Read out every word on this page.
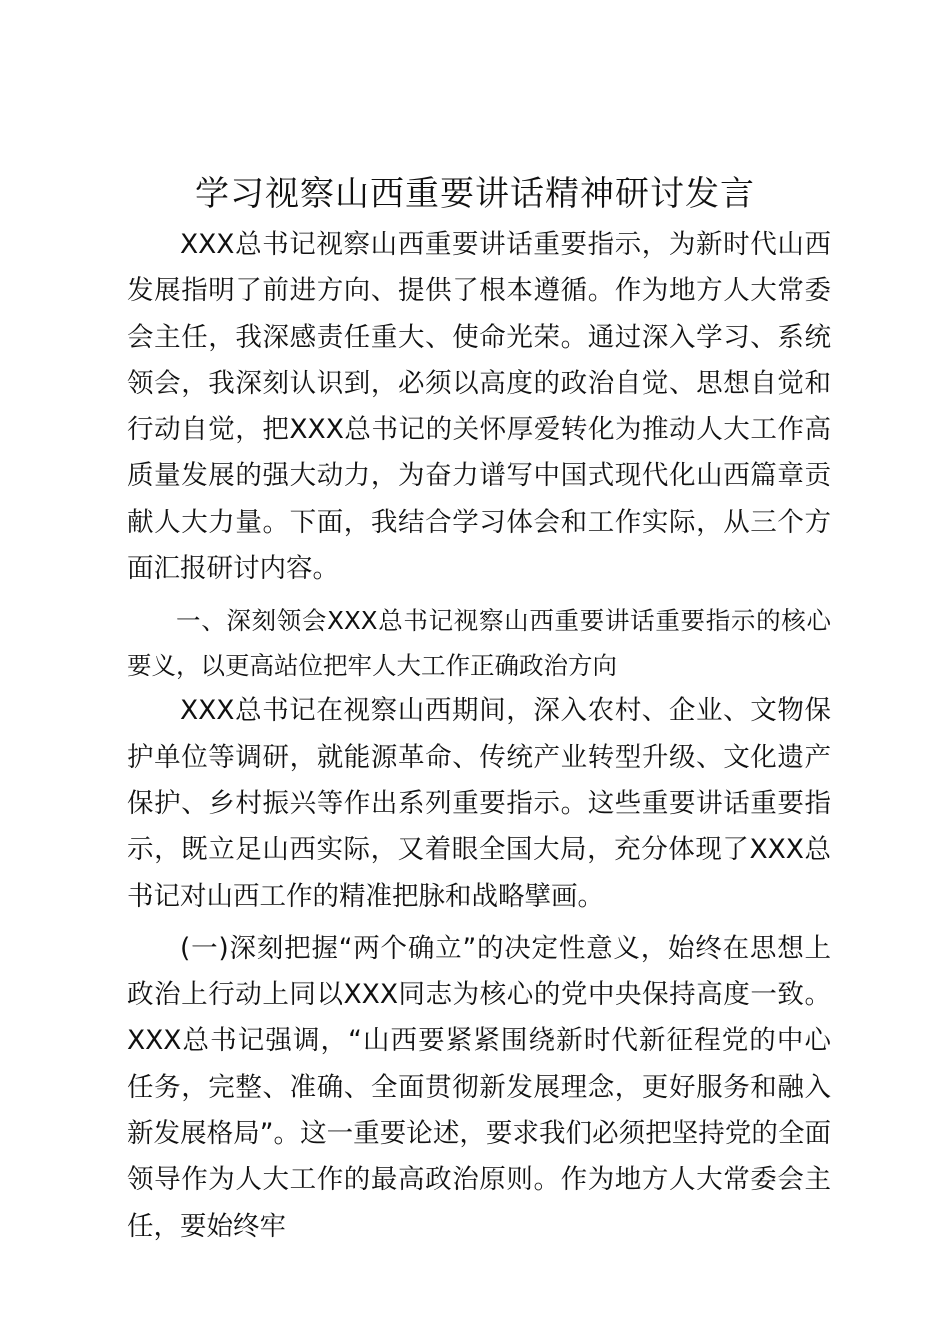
学习视察山西重要讲话精神研讨发言

XXX总书记视察山西重要讲话重要指示，为新时代山西发展指明了前进方向、提供了根本遵循。作为地方人大常委会主任，我深感责任重大、使命光荣。通过深入学习、系统领会，我深刻认识到，必须以高度的政治自觉、思想自觉和行动自觉，把XXX总书记的关怀厚爱转化为推动人大工作高质量发展的强大动力，为奋力谱写中国式现代化山西篇章贡献人大力量。下面，我结合学习体会和工作实际，从三个方面汇报研讨内容。

一、深刻领会XXX总书记视察山西重要讲话重要指示的核心要义，以更高站位把牢人大工作正确政治方向

XXX总书记在视察山西期间，深入农村、企业、文物保护单位等调研，就能源革命、传统产业转型升级、文化遗产保护、乡村振兴等作出系列重要指示。这些重要讲话重要指示，既立足山西实际，又着眼全国大局，充分体现了XXX总书记对山西工作的精准把脉和战略擘画。

(一)深刻把握“两个确立”的决定性意义，始终在思想上政治上行动上同以XXX同志为核心的党中央保持高度一致。XXX总书记强调，“山西要紧紧围绕新时代新征程党的中心任务，完整、准确、全面贯彻新发展理念，更好服务和融入新发展格局”。这一重要论述，要求我们必须把坚持党的全面领导作为人大工作的最高政治原则。作为地方人大常委会主任，要始终牢
